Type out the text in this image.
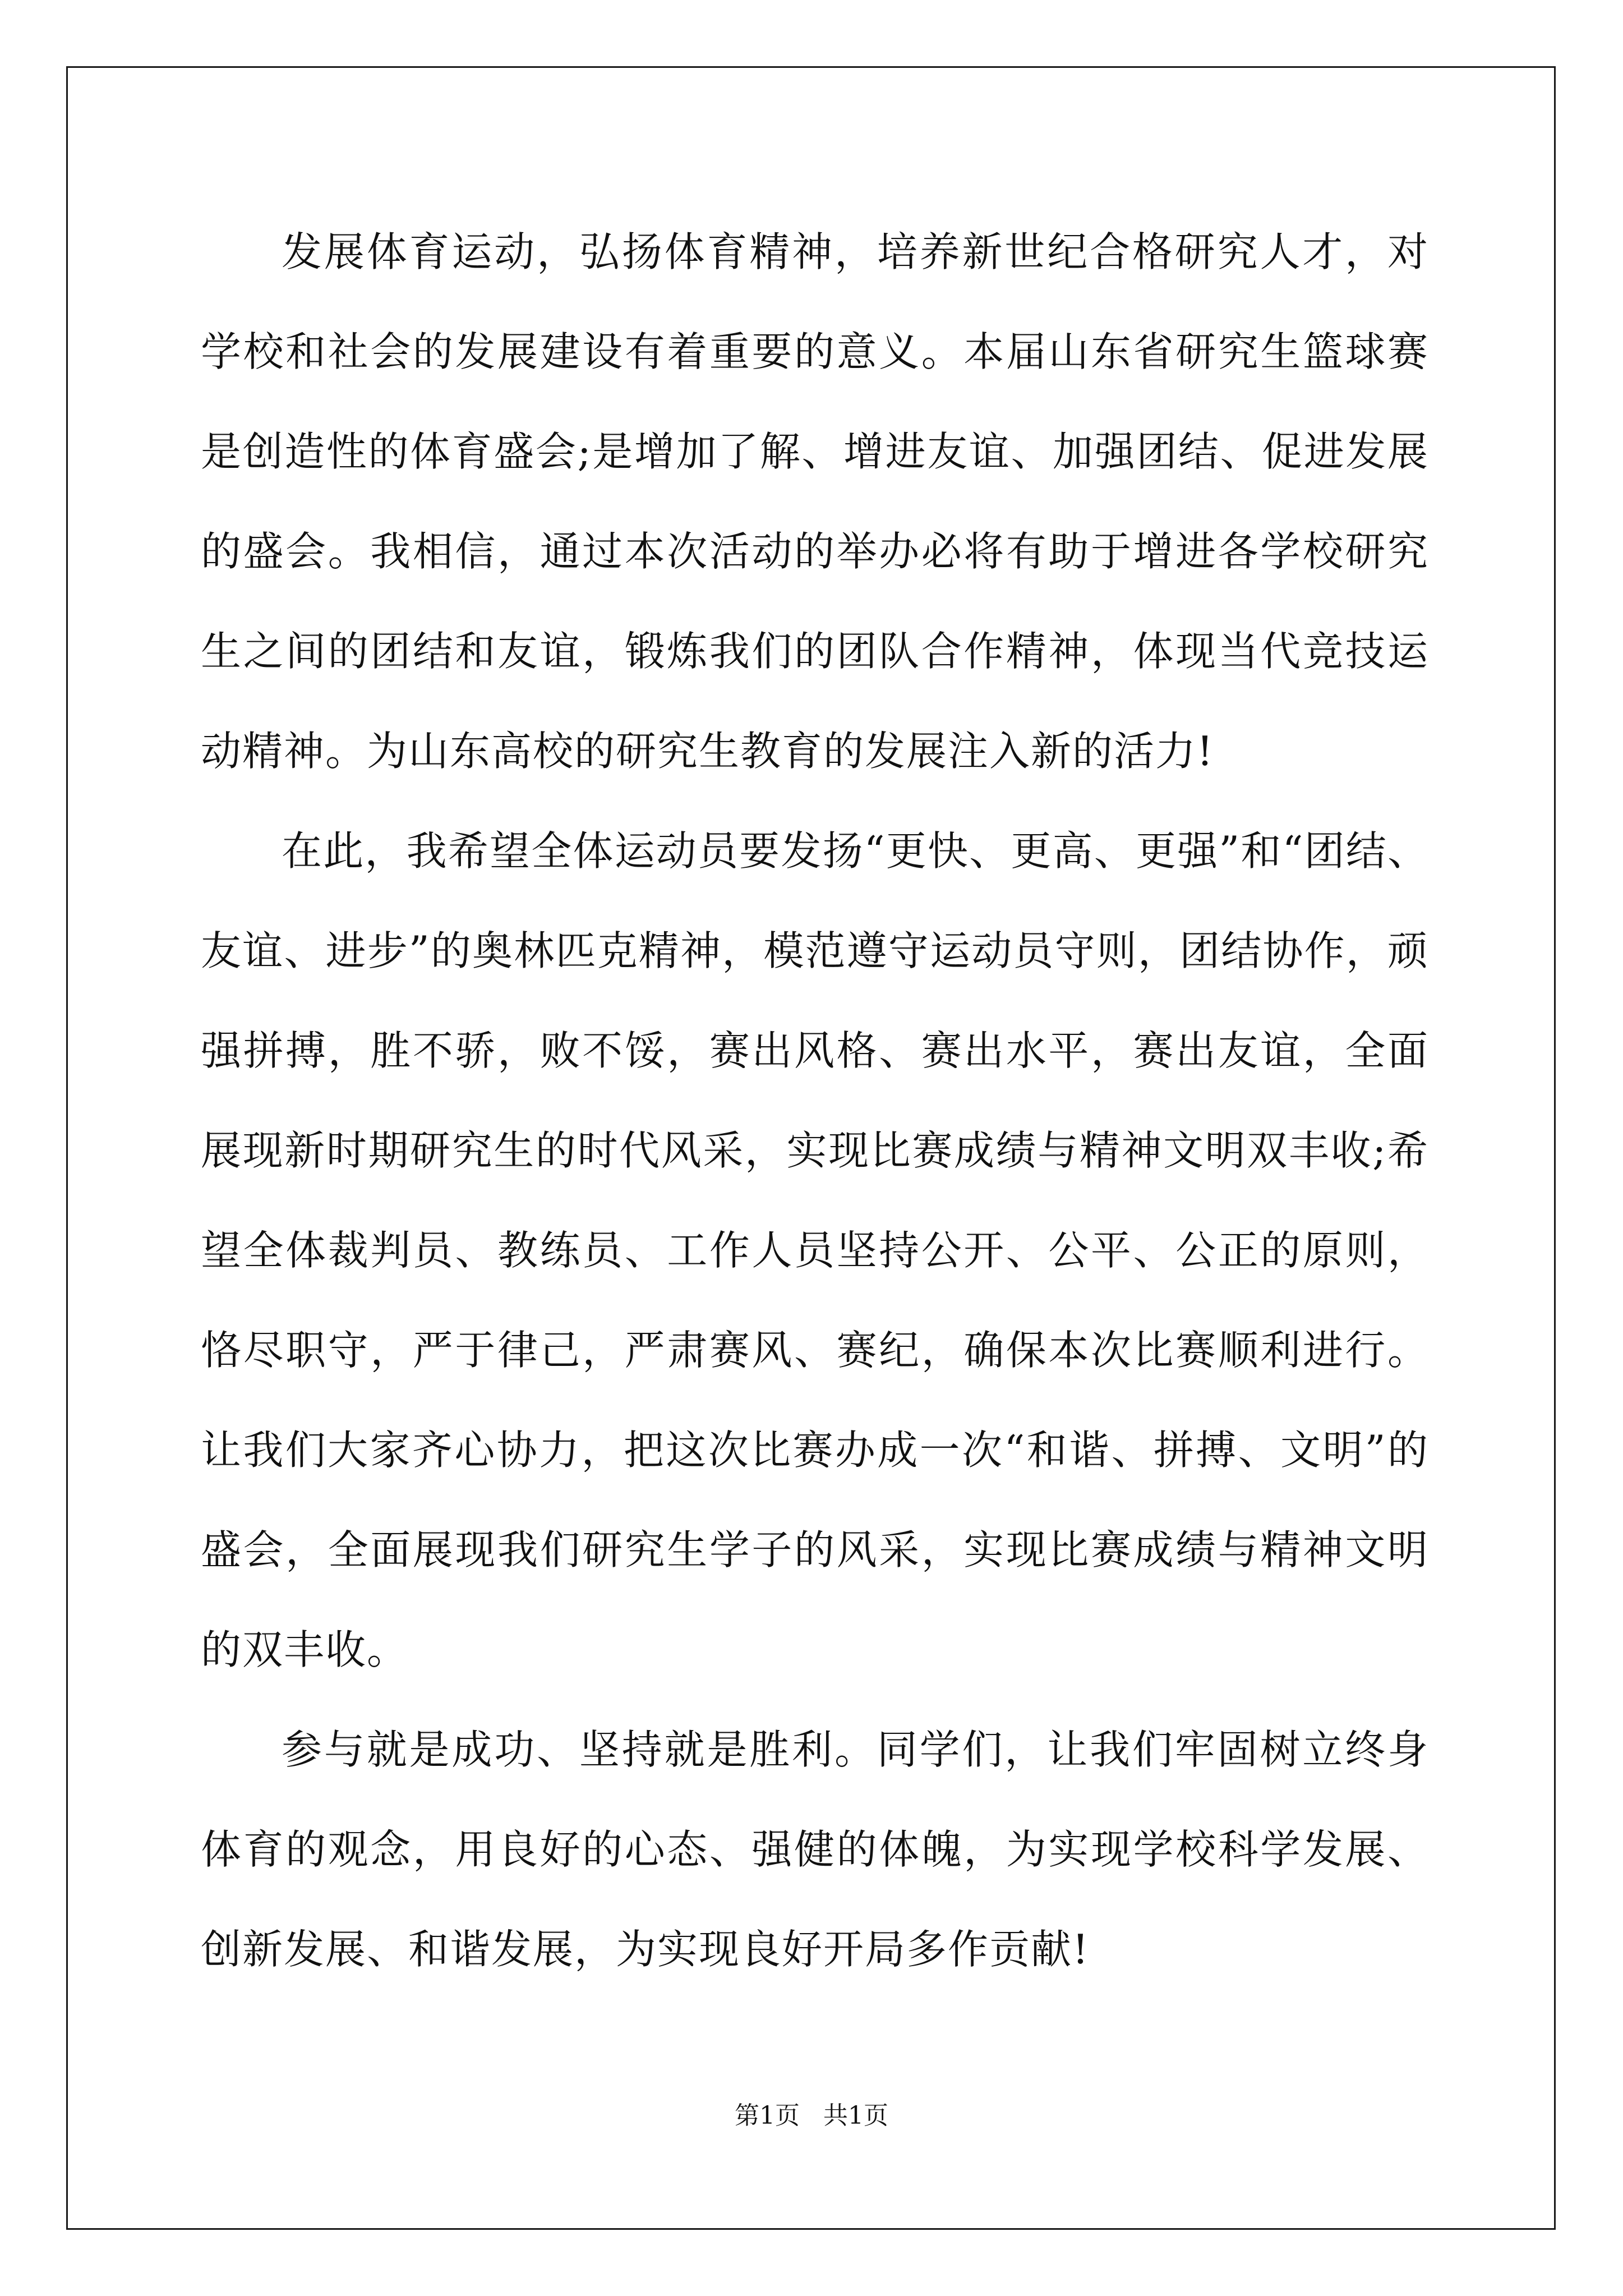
发展体育运动，弘扬体育精神，培养新世纪合格研究人才，对学校和社会的发展建设有着重要的意义。本届山东省研究生篮球赛是创造性的体育盛会;是增加了解、增进友谊、加强团结、促进发展的盛会。我相信，通过本次活动的举办必将有助于增进各学校研究生之间的团结和友谊，锻炼我们的团队合作精神，体现当代竞技运动精神。为山东高校的研究生教育的发展注入新的活力!

在此，我希望全体运动员要发扬“更快、更高、更强”和“团结、友谊、进步”的奥林匹克精神，模范遵守运动员守则，团结协作，顽强拼搏，胜不骄，败不馁，赛出风格、赛出水平，赛出友谊，全面展现新时期研究生的时代风采，实现比赛成绩与精神文明双丰收;希望全体裁判员、教练员、工作人员坚持公开、公平、公正的原则，恪尽职守，严于律己，严肃赛风、赛纪，确保本次比赛顺利进行。让我们大家齐心协力，把这次比赛办成一次“和谐、拼搏、文明”的盛会，全面展现我们研究生学子的风采，实现比赛成绩与精神文明的双丰收。

参与就是成功、坚持就是胜利。同学们，让我们牢固树立终身体育的观念，用良好的心态、强健的体魄，为实现学校科学发展、创新发展、和谐发展，为实现良好开局多作贡献!

第1页   共1页
